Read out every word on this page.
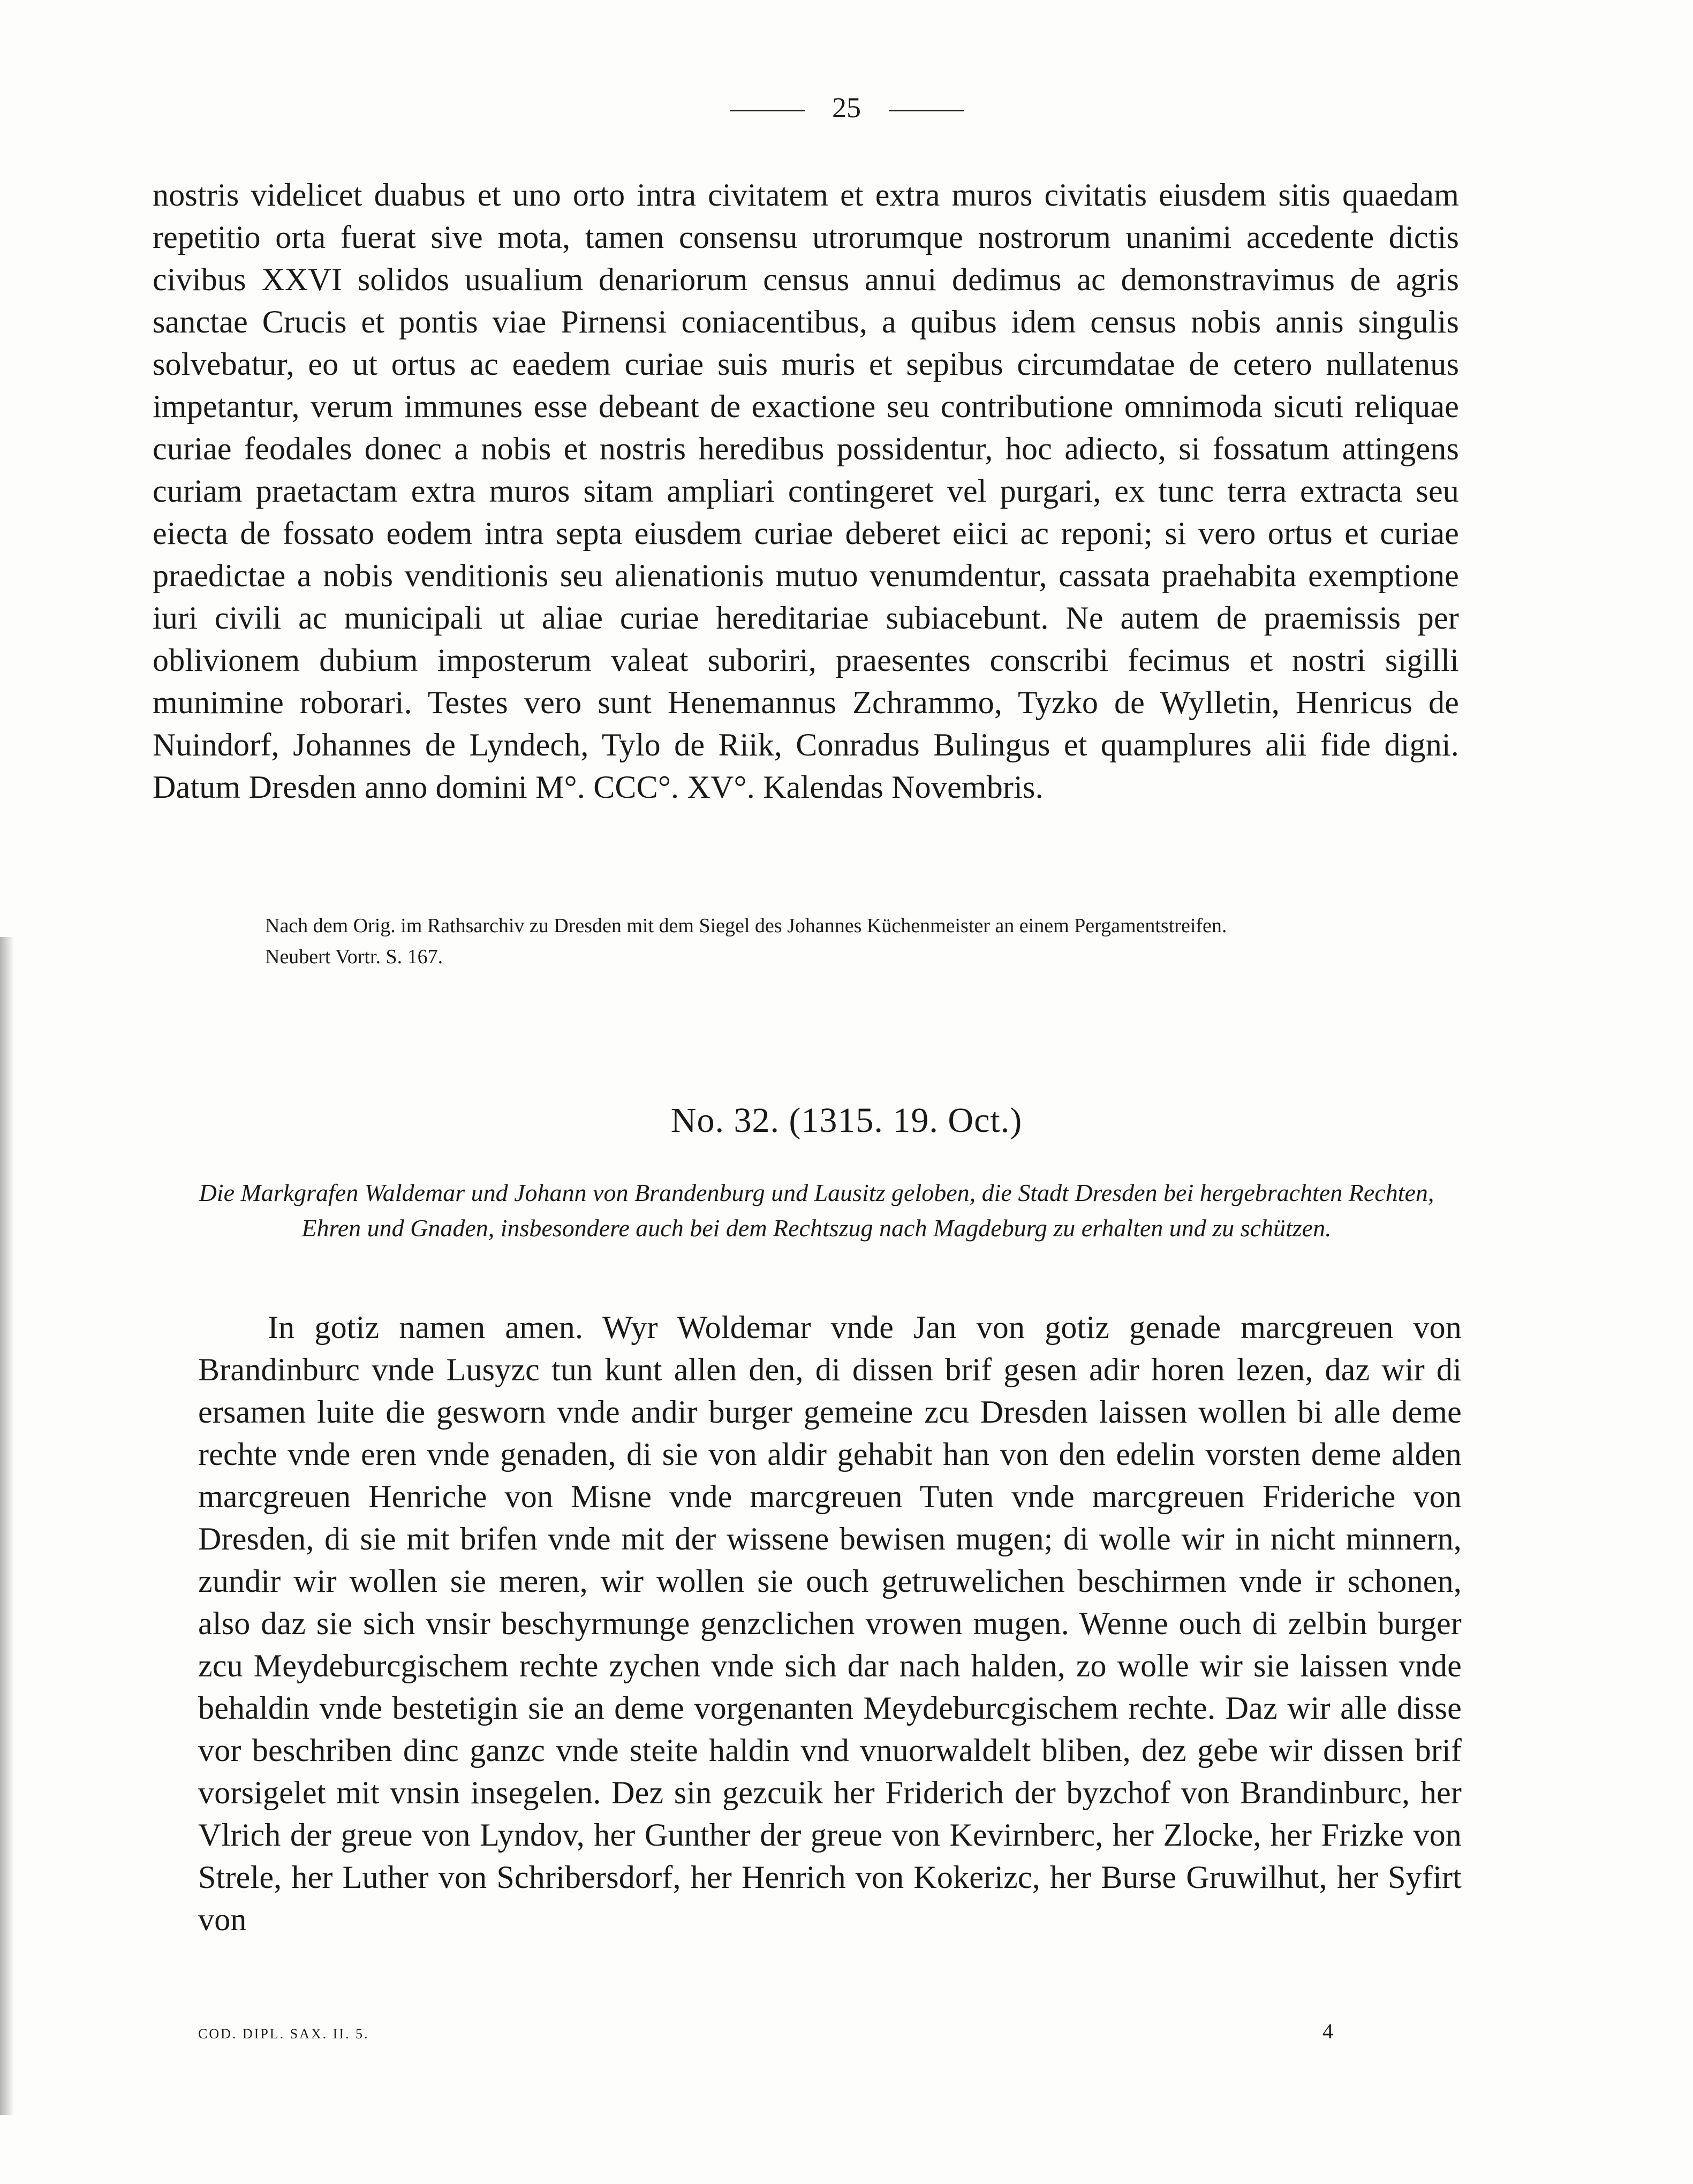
25

nostris videlicet duabus et uno orto intra civitatem et extra muros civitatis eiusdem sitis quaedam repetitio orta fuerat sive mota, tamen consensu utrorumque nostrorum unanimi accedente dictis civibus XXVI solidos usualium denariorum census annui dedimus ac demonstravimus de agris sanctae Crucis et pontis viae Pirnensi coniacentibus, a quibus idem census nobis annis singulis solvebatur, eo ut ortus ac eaedem curiae suis muris et sepibus circumdatae de cetero nullatenus impetantur, verum immunes esse debeant de exactione seu contributione omnimoda sicuti reliquae curiae feodales donec a nobis et nostris heredibus possidentur, hoc adiecto, si fossatum attingens curiam praetactam extra muros sitam ampliari contingeret vel purgari, ex tunc terra extracta seu eiecta de fossato eodem intra septa eiusdem curiae deberet eiici ac reponi; si vero ortus et curiae praedictae a nobis venditionis seu alienationis mutuo venumdentur, cassata praehabita exemptione iuri civili ac municipali ut aliae curiae hereditariae subiacebunt. Ne autem de praemissis per oblivionem dubium imposterum valeat suboriri, praesentes conscribi fecimus et nostri sigilli munimine roborari. Testes vero sunt Henemannus Zchrammo, Tyzko de Wylletin, Henricus de Nuindorf, Johannes de Lyndech, Tylo de Riik, Conradus Bulingus et quamplures alii fide digni. Datum Dresden anno domini M°. CCC°. XV°. Kalendas Novembris.

Nach dem Orig. im Rathsarchiv zu Dresden mit dem Siegel des Johannes Küchenmeister an einem Pergamentstreifen.

Neubert Vortr. S. 167.

No. 32. (1315. 19. Oct.)

Die Markgrafen Waldemar und Johann von Brandenburg und Lausitz geloben, die Stadt Dresden bei hergebrachten Rechten, Ehren und Gnaden, insbesondere auch bei dem Rechtszug nach Magdeburg zu erhalten und zu schützen.

In gotiz namen amen. Wyr Woldemar vnde Jan von gotiz genade marcgreuen von Brandinburc vnde Lusyzc tun kunt allen den, di dissen brif gesen adir horen lezen, daz wir di ersamen luite die gesworn vnde andir burger gemeine zcu Dresden laissen wollen bi alle deme rechte vnde eren vnde genaden, di sie von aldir gehabit han von den edelin vorsten deme alden marcgreuen Henriche von Misne vnde marcgreuen Tuten vnde marcgreuen Frideriche von Dresden, di sie mit brifen vnde mit der wissene bewisen mugen; di wolle wir in nicht minnern, zundir wir wollen sie meren, wir wollen sie ouch getruwelichen beschirmen vnde ir schonen, also daz sie sich vnsir beschyrmunge genzclichen vrowen mugen. Wenne ouch di zelbin burger zcu Meydeburcgischem rechte zychen vnde sich dar nach halden, zo wolle wir sie laissen vnde behaldin vnde bestetigin sie an deme vorgenanten Meydeburcgischem rechte. Daz wir alle disse vor beschriben dinc ganzc vnde steite haldin vnd vnuorwaldelt bliben, dez gebe wir dissen brif vorsigelet mit vnsin insegelen. Dez sin gezcuik her Friderich der byzchof von Brandinburc, her Vlrich der greue von Lyndov, her Gunther der greue von Kevirnberc, her Zlocke, her Frizke von Strele, her Luther von Schribersdorf, her Henrich von Kokerizc, her Burse Gruwilhut, her Syfirt von

COD. DIPL. SAX. II. 5.	4
